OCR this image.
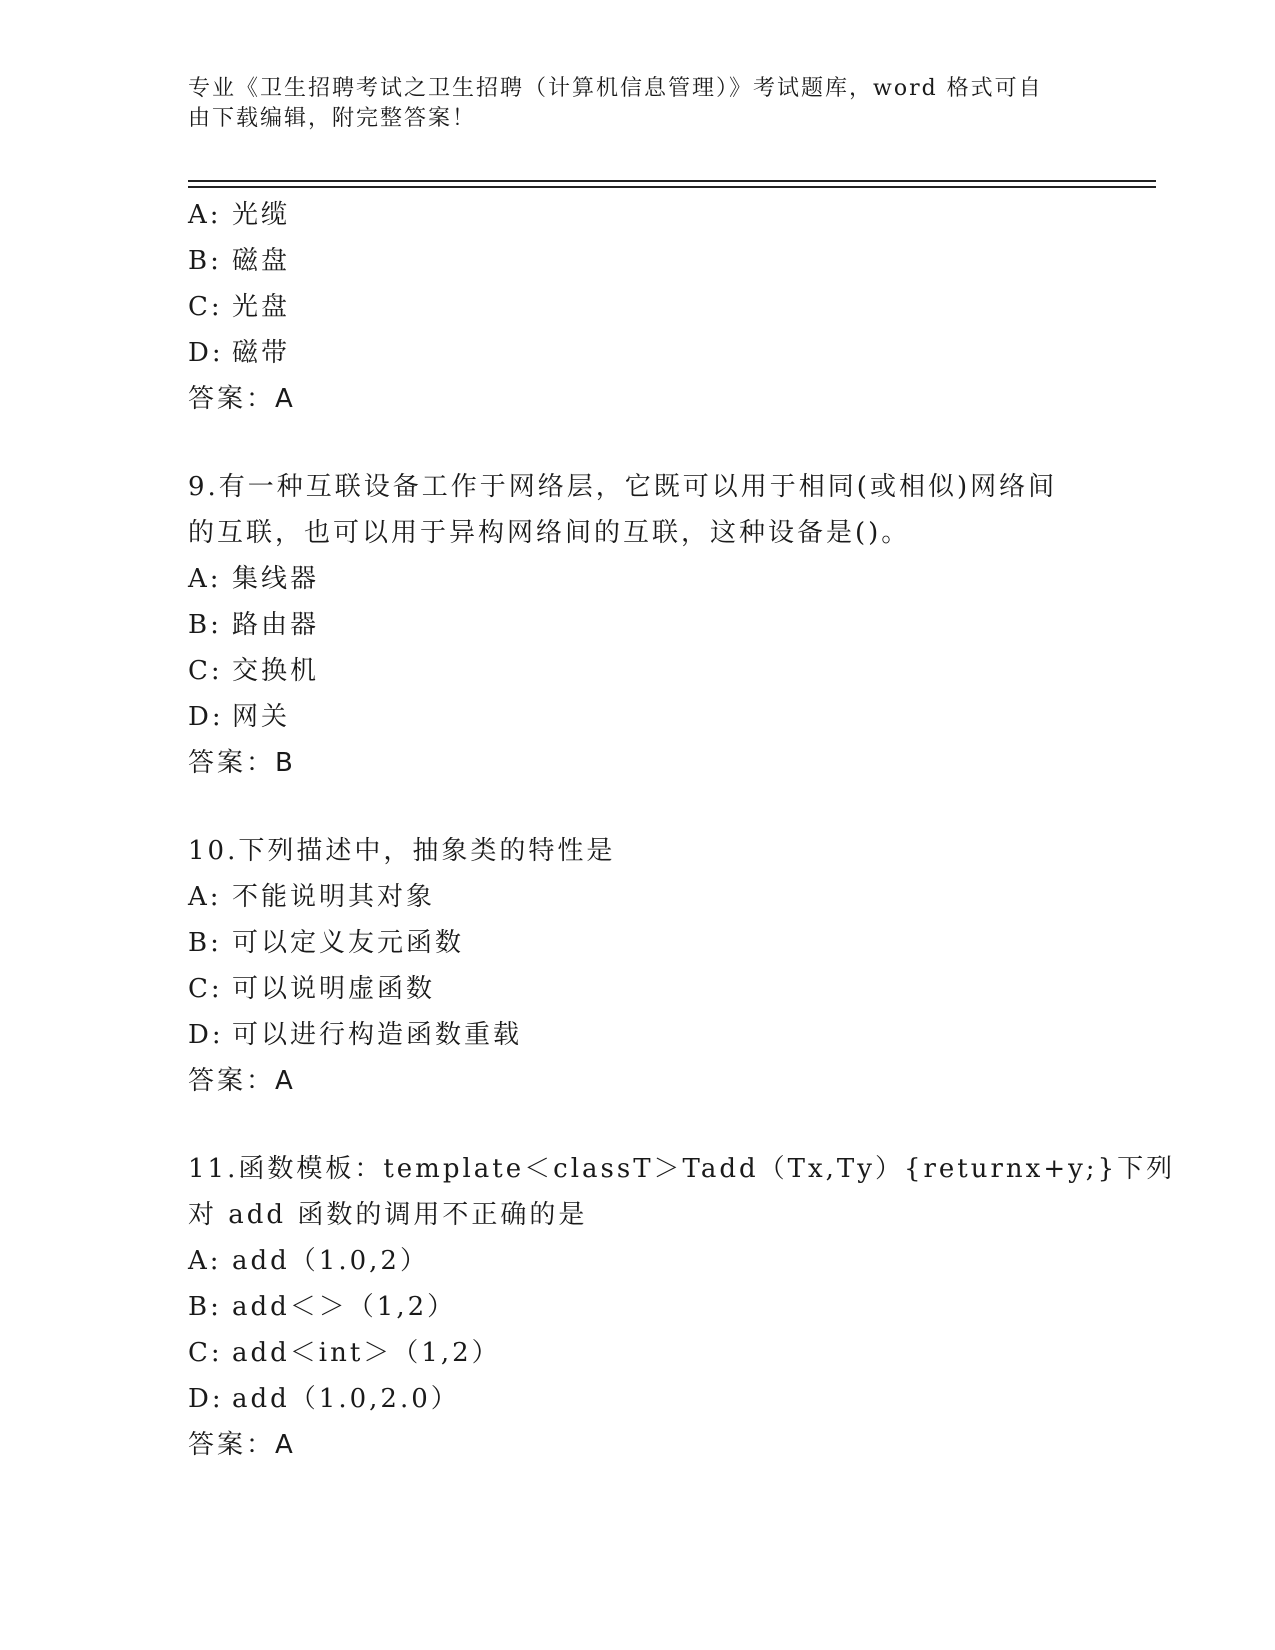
专业《卫生招聘考试之卫生招聘（计算机信息管理）》考试题库，word 格式可自
由下载编辑，附完整答案！
A: 光缆
B: 磁盘
C: 光盘
D: 磁带
答案：A
9.有一种互联设备工作于网络层，它既可以用于相同(或相似)网络间
的互联，也可以用于异构网络间的互联，这种设备是()。
A: 集线器
B: 路由器
C: 交换机
D: 网关
答案：B
10.下列描述中，抽象类的特性是
A: 不能说明其对象
B: 可以定义友元函数
C: 可以说明虚函数
D: 可以进行构造函数重载
答案：A
11.函数模板：template＜classT＞Tadd（Tx,Ty）{returnx+y;}下列
对 add 函数的调用不正确的是
A: add（1.0,2）
B: add＜＞（1,2）
C: add＜int＞（1,2）
D: add（1.0,2.0）
答案：A
